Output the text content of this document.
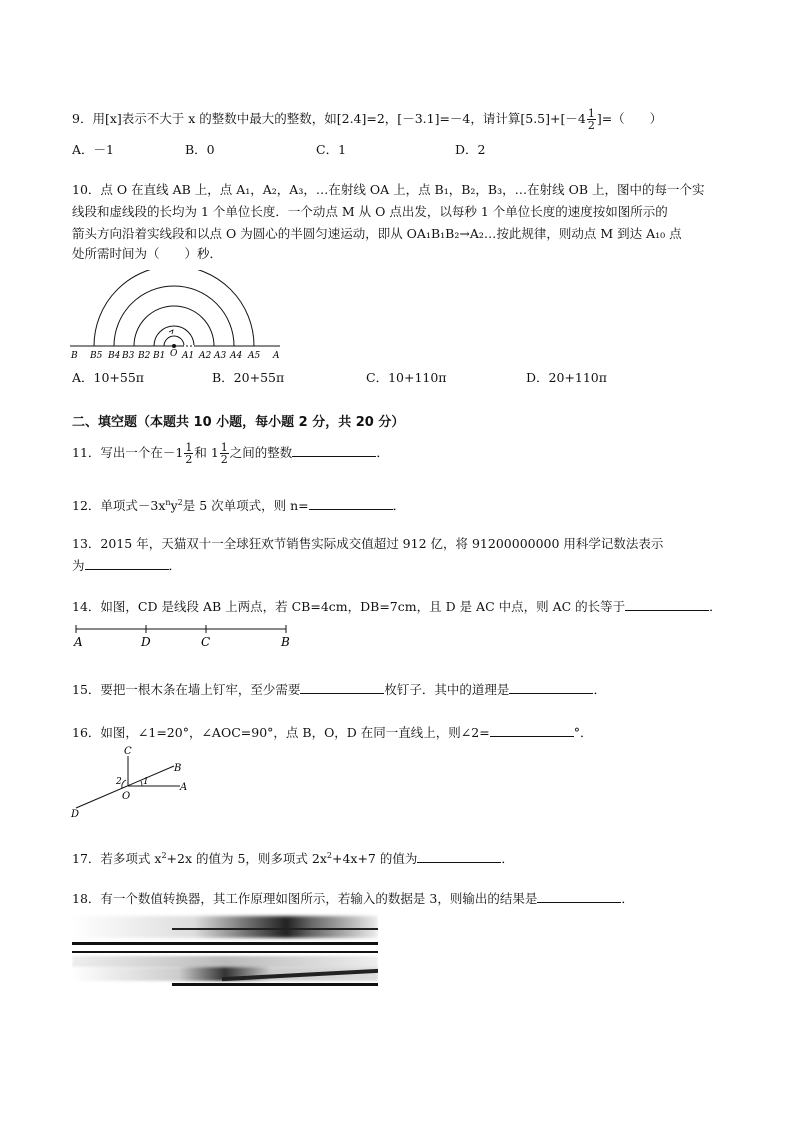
9．用[x]表示不大于 x 的整数中最大的整数，如[2.4]=2，[－3.1]=－4，请计算$[5.5]+[-4 \frac{1}{2}$ ]=（　　）
A．－1	B．0	C．1	D．2
10．点 O 在直线 AB 上，点 A₁，A₂，A₃，…在射线 OA 上，点 B₁，B₂，B₃，…在射线 OB 上，图中的每一个实
线段和虚线段的长均为 1 个单位长度．一个动点 M 从 O 点出发，以每秒 1 个单位长度的速度按如图所示的
箭头方向沿着实线段和以点 O 为圆心的半圆匀速运动，即从 OA₁B₁B₂→A₂…按此规律，则动点 M 到达 A₁₀ 点
处所需时间为（　　）秒．
B B5 B4 B3 B2 B1 O A1 A2 A3 A4 A5 A
A．10+55π	B．20+55π	C．10+110π	D．20+110π
二、填空题（本题共 10 小题，每小题 2 分，共 20 分）
11．写出一个在$-1 \frac{1}{2}$ 和 $1 \frac{1}{2}$ 之间的整数	．
12．单项式$-3x^ny^2$是 5 次单项式，则 n=	．
13．2015 年，天猫双十一全球狂欢节销售实际成交值超过 912 亿，将 91200000000 用科学记数法表示
为	．
14．如图，CD 是线段 AB 上两点，若 CB=4cm，DB=7cm，且 D 是 AC 中点，则 AC 的长等于	．
A	D	C	B
15．要把一根木条在墙上钉牢，至少需要	枚钉子．其中的道理是	．
16．如图，∠1=20°，∠AOC=90°，点 B，O，D 在同一直线上，则∠2=	°．
C
B
2
O
1	A
D
17．若多项式 $x^2+2x$ 的值为 5，则多项式 $2x^2+4x+7$ 的值为	．
18．有一个数值转换器，其工作原理如图所示，若输入的数据是 3，则输出的结果是	．
